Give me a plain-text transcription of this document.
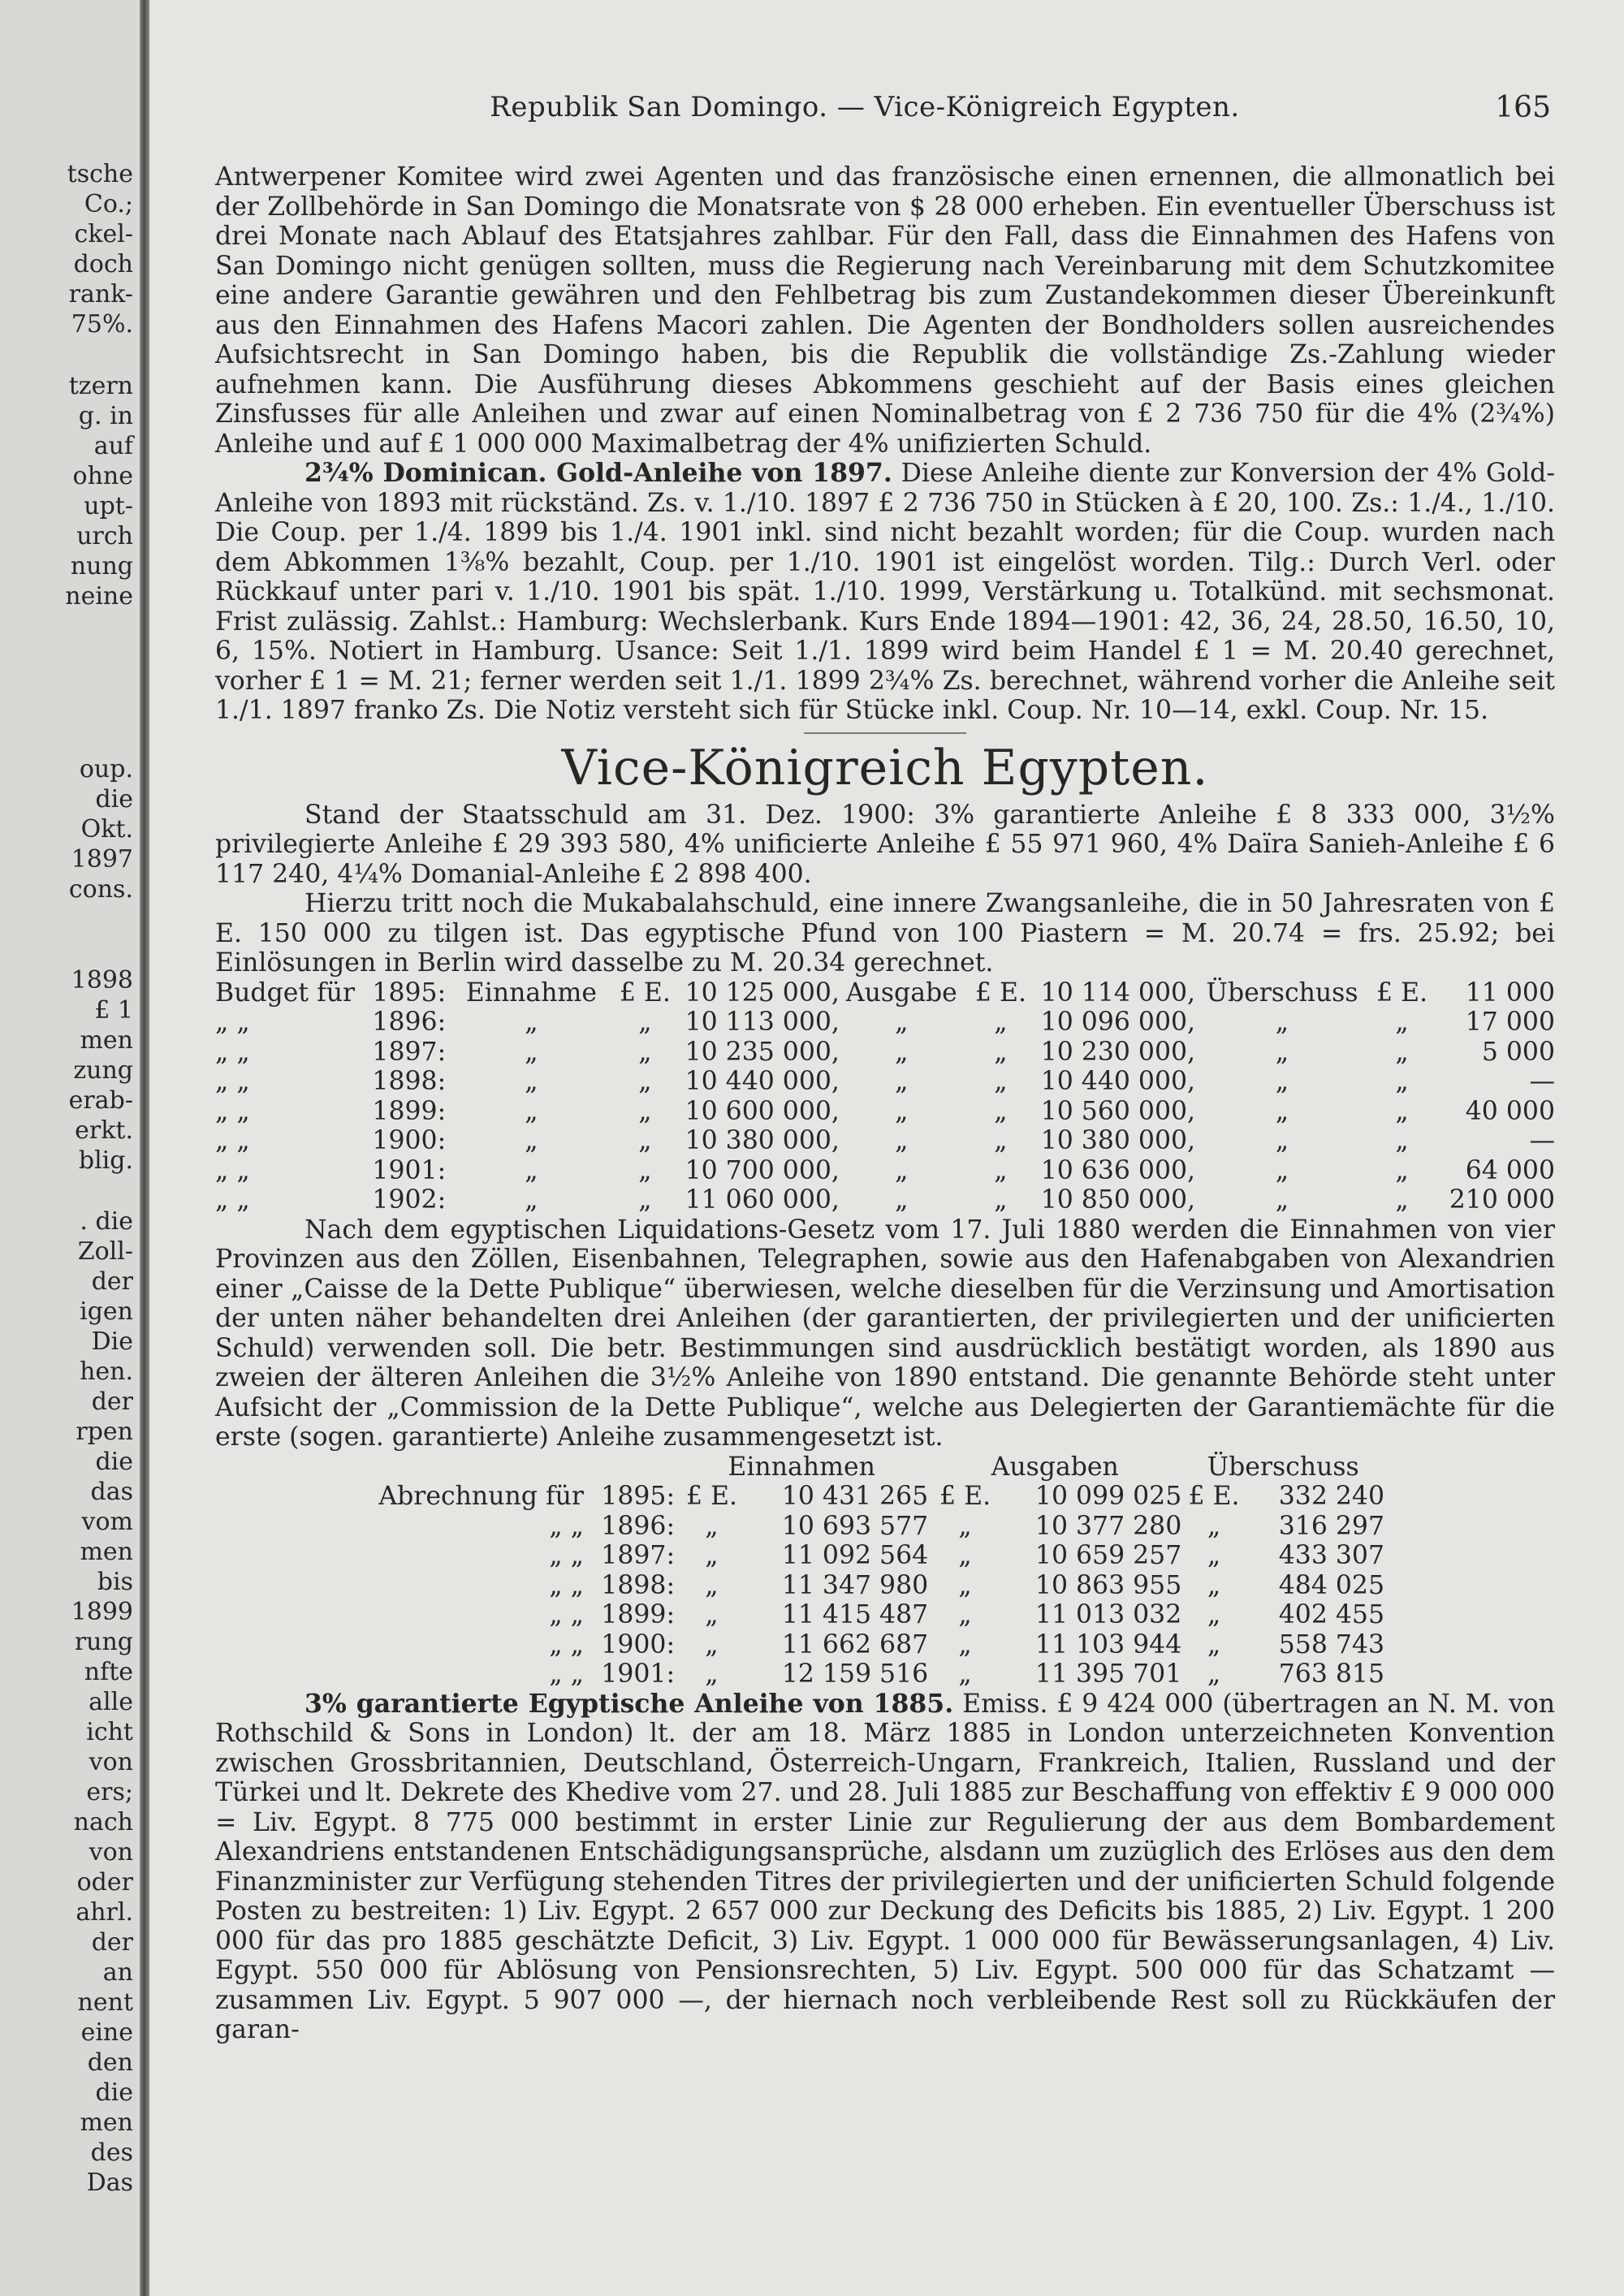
tsche
Co.;
ckel-
doch
rank-
75%.
tzern
g. in
auf
ohne
upt-
urch
nung
neine
oup.
die
Okt.
1897
cons.
1898
£ 1
men
zung
erab-
erkt.
blig.
. die
Zoll-
der
igen
Die
hen.
der
rpen
die
das
vom
men
bis
1899
rung
nfte
alle
icht
von
ers;
nach
von
oder
ahrl.
der
an
nent
eine
den
die
men
des
Das
Republik San Domingo. — Vice-Königreich Egypten.	165

Antwerpener Komitee wird zwei Agenten und das französische einen ernennen, die allmonatlich bei der Zollbehörde in San Domingo die Monatsrate von $ 28 000 erheben. Ein eventueller Überschuss ist drei Monate nach Ablauf des Etatsjahres zahlbar. Für den Fall, dass die Einnahmen des Hafens von San Domingo nicht genügen sollten, muss die Regierung nach Vereinbarung mit dem Schutzkomitee eine andere Garantie gewähren und den Fehlbetrag bis zum Zustandekommen dieser Übereinkunft aus den Einnahmen des Hafens Macori zahlen. Die Agenten der Bondholders sollen ausreichendes Aufsichtsrecht in San Domingo haben, bis die Republik die vollständige Zs.-Zahlung wieder aufnehmen kann. Die Ausführung dieses Abkommens geschieht auf der Basis eines gleichen Zinsfusses für alle Anleihen und zwar auf einen Nominalbetrag von £ 2 736 750 für die 4% (2¾%) Anleihe und auf £ 1 000 000 Maximalbetrag der 4% unifizierten Schuld.

2¾% Dominican. Gold-Anleihe von 1897. Diese Anleihe diente zur Konversion der 4% Gold-Anleihe von 1893 mit rückständ. Zs. v. 1./10. 1897 £ 2 736 750 in Stücken à £ 20, 100. Zs.: 1./4., 1./10. Die Coup. per 1./4. 1899 bis 1./4. 1901 inkl. sind nicht bezahlt worden; für die Coup. wurden nach dem Abkommen 1⅜% bezahlt, Coup. per 1./10. 1901 ist eingelöst worden. Tilg.: Durch Verl. oder Rückkauf unter pari v. 1./10. 1901 bis spät. 1./10. 1999, Verstärkung u. Totalkünd. mit sechsmonat. Frist zulässig. Zahlst.: Hamburg: Wechslerbank. Kurs Ende 1894—1901: 42, 36, 24, 28.50, 16.50, 10, 6, 15%. Notiert in Hamburg. Usance: Seit 1./1. 1899 wird beim Handel £ 1 = M. 20.40 gerechnet, vorher £ 1 = M. 21; ferner werden seit 1./1. 1899 2¾% Zs. berechnet, während vorher die Anleihe seit 1./1. 1897 franko Zs. Die Notiz versteht sich für Stücke inkl. Coup. Nr. 10—14, exkl. Coup. Nr. 15.

Vice-Königreich Egypten.

Stand der Staatsschuld am 31. Dez. 1900: 3% garantierte Anleihe £ 8 333 000, 3½% privilegierte Anleihe £ 29 393 580, 4% unificierte Anleihe £ 55 971 960, 4% Daïra Sanieh-Anleihe £ 6 117 240, 4¼% Domanial-Anleihe £ 2 898 400.

Hierzu tritt noch die Mukabalahschuld, eine innere Zwangsanleihe, die in 50 Jahresraten von £ E. 150 000 zu tilgen ist. Das egyptische Pfund von 100 Piastern = M. 20.74 = frs. 25.92; bei Einlösungen in Berlin wird dasselbe zu M. 20.34 gerechnet.

Budget für	1895:	Einnahme	£ E.	10 125 000,	Ausgabe	£ E.	10 114 000,	Überschuss	£ E.	11 000
„ „	1896:	„	„	10 113 000,	„	„	10 096 000,	„	„	17 000
„ „	1897:	„	„	10 235 000,	„	„	10 230 000,	„	„	5 000
„ „	1898:	„	„	10 440 000,	„	„	10 440 000,	„	„	—
„ „	1899:	„	„	10 600 000,	„	„	10 560 000,	„	„	40 000
„ „	1900:	„	„	10 380 000,	„	„	10 380 000,	„	„	—
„ „	1901:	„	„	10 700 000,	„	„	10 636 000,	„	„	64 000
„ „	1902:	„	„	11 060 000,	„	„	10 850 000,	„	„	210 000

Nach dem egyptischen Liquidations-Gesetz vom 17. Juli 1880 werden die Einnahmen von vier Provinzen aus den Zöllen, Eisenbahnen, Telegraphen, sowie aus den Hafenabgaben von Alexandrien einer „Caisse de la Dette Publique“ überwiesen, welche dieselben für die Verzinsung und Amortisation der unten näher behandelten drei Anleihen (der garantierten, der privilegierten und der unificierten Schuld) verwenden soll. Die betr. Bestimmungen sind ausdrücklich bestätigt worden, als 1890 aus zweien der älteren Anleihen die 3½% Anleihe von 1890 entstand. Die genannte Behörde steht unter Aufsicht der „Commission de la Dette Publique“, welche aus Delegierten der Garantiemächte für die erste (sogen. garantierte) Anleihe zusammengesetzt ist.

		Einnahmen		Ausgaben		Überschuss	
Abrechnung für	1895:	£ E.	10 431 265	£ E.	10 099 025	£ E.	332 240
„ „	1896:	„	10 693 577	„	10 377 280	„	316 297
„ „	1897:	„	11 092 564	„	10 659 257	„	433 307
„ „	1898:	„	11 347 980	„	10 863 955	„	484 025
„ „	1899:	„	11 415 487	„	11 013 032	„	402 455
„ „	1900:	„	11 662 687	„	11 103 944	„	558 743
„ „	1901:	„	12 159 516	„	11 395 701	„	763 815

3% garantierte Egyptische Anleihe von 1885. Emiss. £ 9 424 000 (übertragen an N. M. von Rothschild & Sons in London) lt. der am 18. März 1885 in London unterzeichneten Konvention zwischen Grossbritannien, Deutschland, Österreich-Ungarn, Frankreich, Italien, Russland und der Türkei und lt. Dekrete des Khedive vom 27. und 28. Juli 1885 zur Beschaffung von effektiv £ 9 000 000 = Liv. Egypt. 8 775 000 bestimmt in erster Linie zur Regulierung der aus dem Bombardement Alexandriens entstandenen Entschädigungsansprüche, alsdann um zuzüglich des Erlöses aus den dem Finanzminister zur Verfügung stehenden Titres der privilegierten und der unificierten Schuld folgende Posten zu bestreiten: 1) Liv. Egypt. 2 657 000 zur Deckung des Deficits bis 1885, 2) Liv. Egypt. 1 200 000 für das pro 1885 geschätzte Deficit, 3) Liv. Egypt. 1 000 000 für Bewässerungsanlagen, 4) Liv. Egypt. 550 000 für Ablösung von Pensionsrechten, 5) Liv. Egypt. 500 000 für das Schatzamt — zusammen Liv. Egypt. 5 907 000 —, der hiernach noch verbleibende Rest soll zu Rückkäufen der garan-
